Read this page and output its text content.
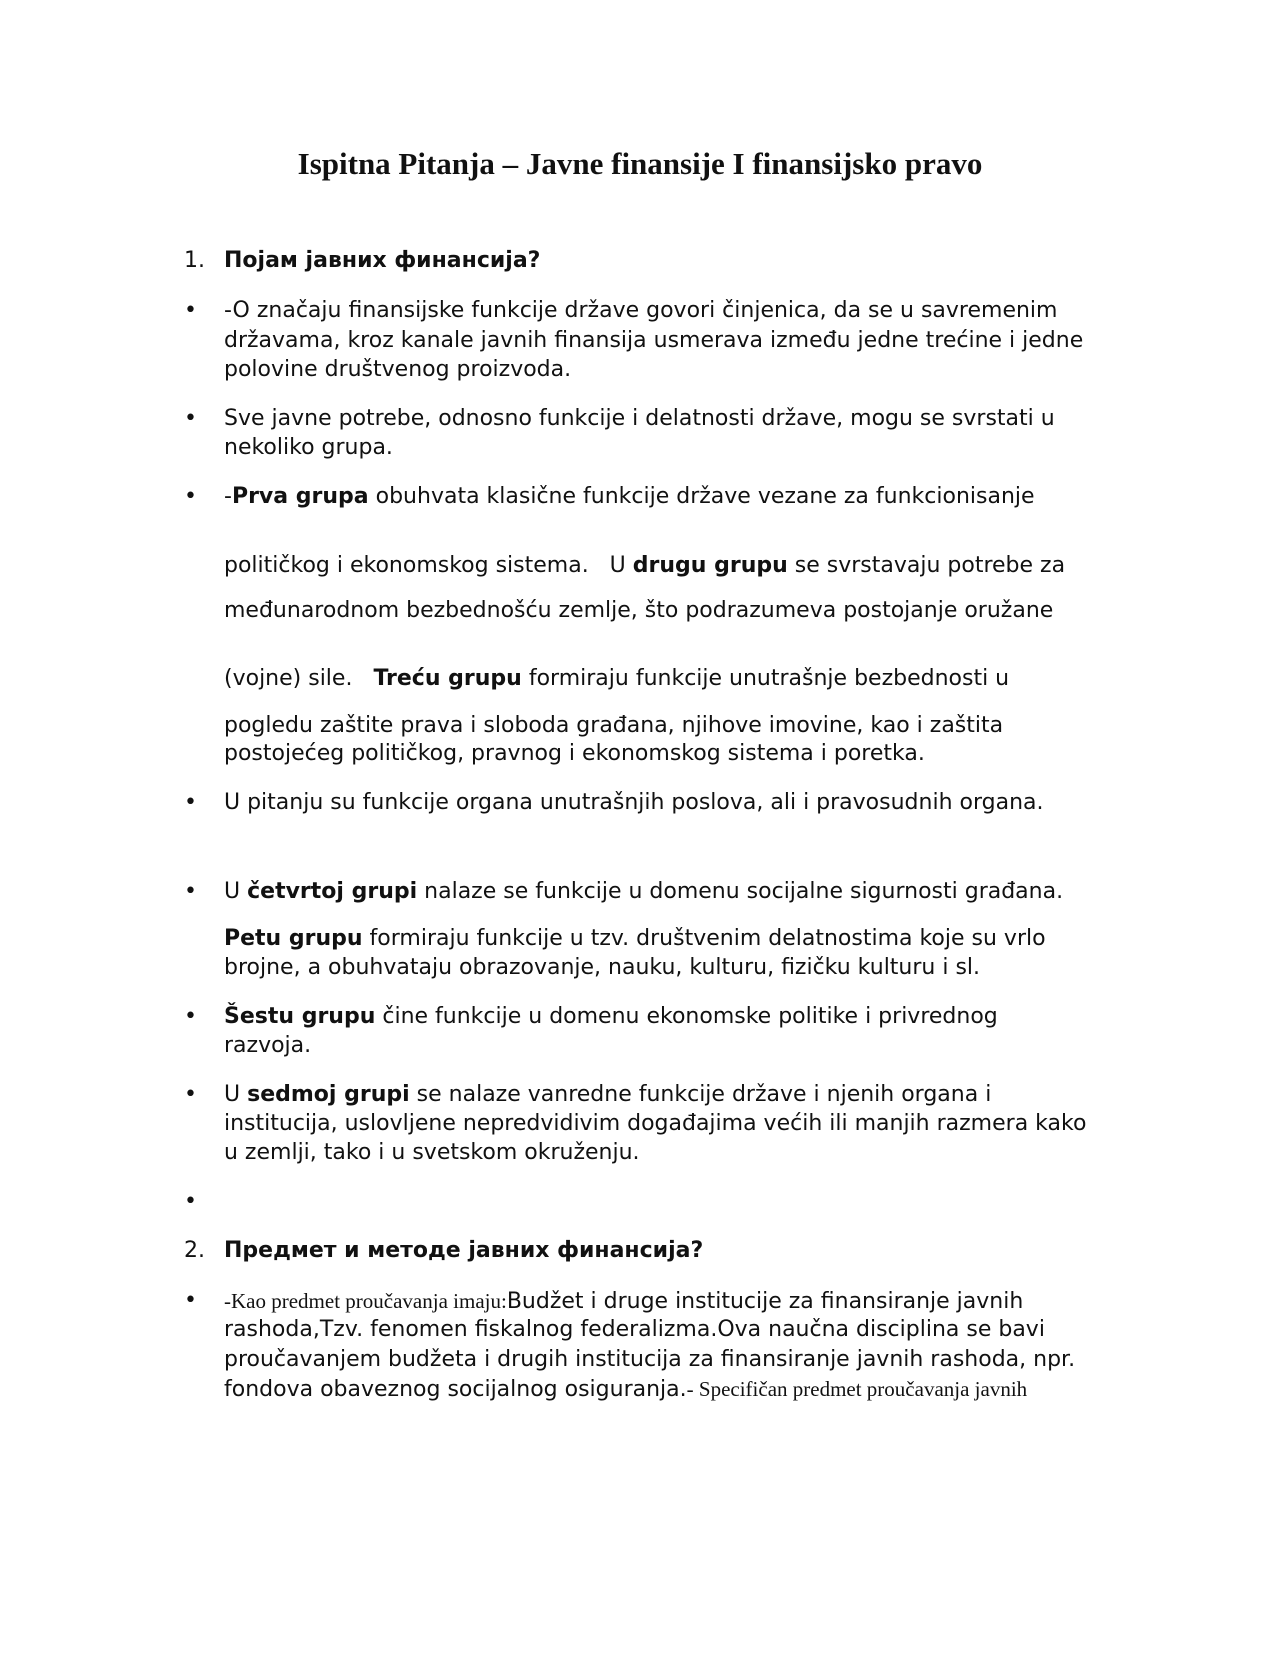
Ispitna Pitanja – Javne finansije I finansijsko pravo
1. Појам јавних финансија?
• -O značaju finansijske funkcije države govori činjenica, da se u savremenim
državama, kroz kanale javnih finansija usmerava između jedne trećine i jedne
polovine društvenog proizvoda.
• Sve javne potrebe, odnosno funkcije i delatnosti države, mogu se svrstati u
nekoliko grupa.
• -Prva grupa obuhvata klasične funkcije države vezane za funkcionisanje
političkog i ekonomskog sistema.   U drugu grupu se svrstavaju potrebe za
međunarodnom bezbednošću zemlje, što podrazumeva postojanje oružane
(vojne) sile.   Treću grupu formiraju funkcije unutrašnje bezbednosti u
pogledu zaštite prava i sloboda građana, njihove imovine, kao i zaštita
postojećeg političkog, pravnog i ekonomskog sistema i poretka.
• U pitanju su funkcije organa unutrašnjih poslova, ali i pravosudnih organa.
• U četvrtoj grupi nalaze se funkcije u domenu socijalne sigurnosti građana.
Petu grupu formiraju funkcije u tzv. društvenim delatnostima koje su vrlo
brojne, a obuhvataju obrazovanje, nauku, kulturu, fizičku kulturu i sl.
• Šestu grupu čine funkcije u domenu ekonomske politike i privrednog
razvoja.
• U sedmoj grupi se nalaze vanredne funkcije države i njenih organa i
institucija, uslovljene nepredvidivim događajima većih ili manjih razmera kako
u zemlji, tako i u svetskom okruženju.
•
2. Предмет и методе јавних финансија?
• -Kao predmet proučavanja imaju:Budžet i druge institucije za finansiranje javnih
rashoda,Tzv. fenomen fiskalnog federalizma.Ova naučna disciplina se bavi
proučavanjem budžeta i drugih institucija za finansiranje javnih rashoda, npr.
fondova obaveznog socijalnog osiguranja.- Specifičan predmet proučavanja javnih
